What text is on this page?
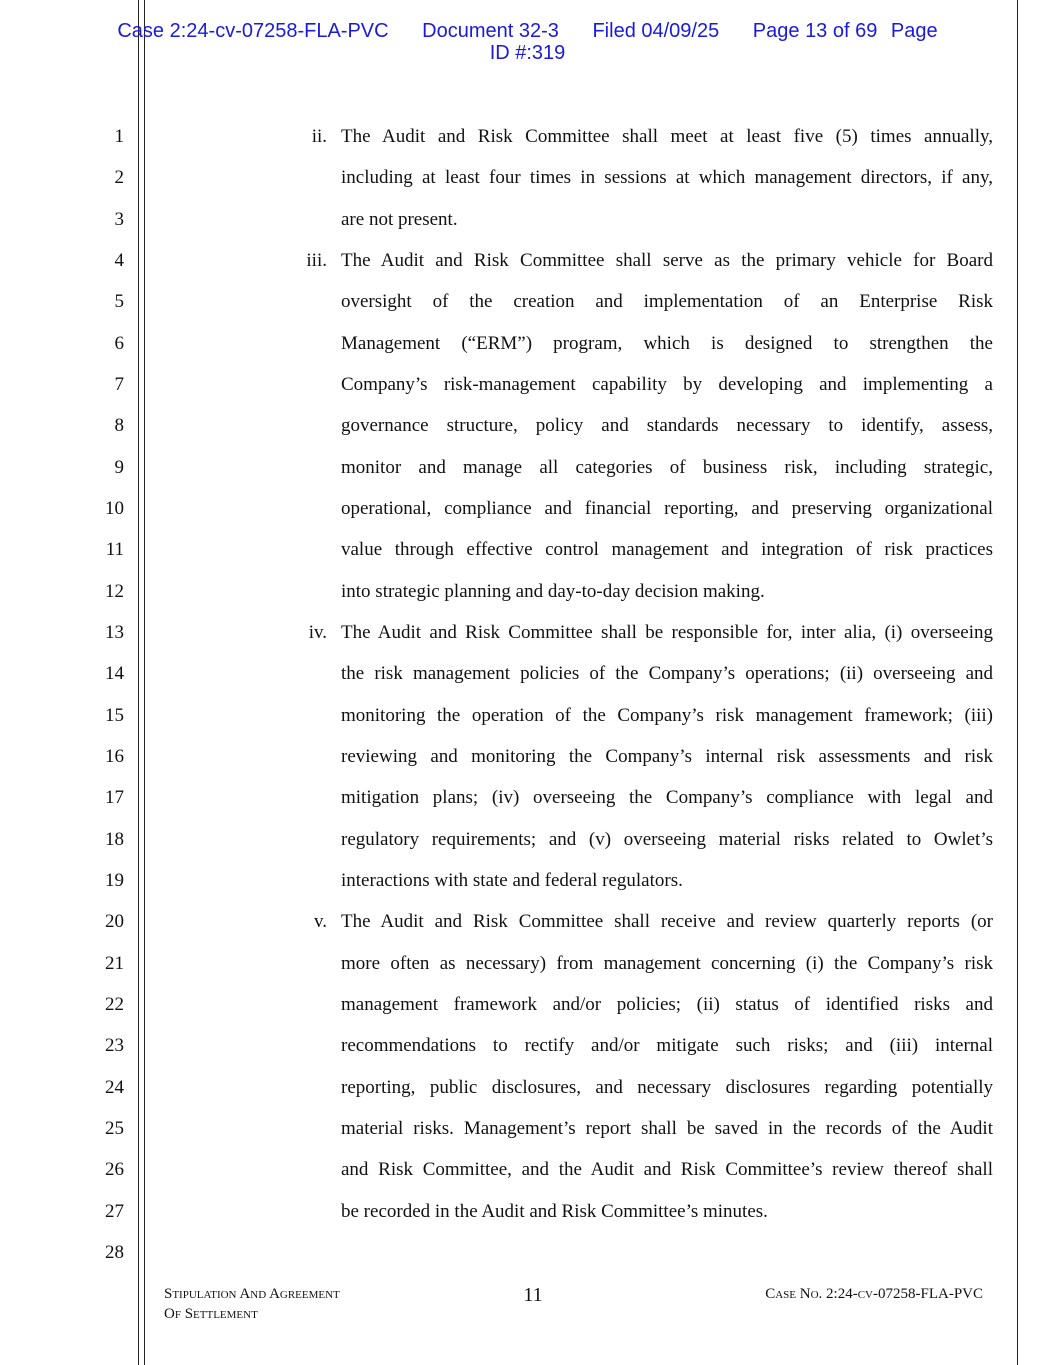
Case 2:24-cv-07258-FLA-PVC Document 32-3 Filed 04/09/25 Page 13 of 69 Page
ID #:319
1
2
3
4
5
6
7
8
9
10
11
12
13
14
15
16
17
18
19
20
21
22
23
24
25
26
27
28
ii. The Audit and Risk Committee shall meet at least five (5) times annually,
including at least four times in sessions at which management directors, if any,
are not present.
iii. The Audit and Risk Committee shall serve as the primary vehicle for Board
oversight of the creation and implementation of an Enterprise Risk
Management (“ERM”) program, which is designed to strengthen the
Company’s risk-management capability by developing and implementing a
governance structure, policy and standards necessary to identify, assess,
monitor and manage all categories of business risk, including strategic,
operational, compliance and financial reporting, and preserving organizational
value through effective control management and integration of risk practices
into strategic planning and day-to-day decision making.
iv. The Audit and Risk Committee shall be responsible for, inter alia, (i) overseeing
the risk management policies of the Company’s operations; (ii) overseeing and
monitoring the operation of the Company’s risk management framework; (iii)
reviewing and monitoring the Company’s internal risk assessments and risk
mitigation plans; (iv) overseeing the Company’s compliance with legal and
regulatory requirements; and (v) overseeing material risks related to Owlet’s
interactions with state and federal regulators.
v. The Audit and Risk Committee shall receive and review quarterly reports (or
more often as necessary) from management concerning (i) the Company’s risk
management framework and/or policies; (ii) status of identified risks and
recommendations to rectify and/or mitigate such risks; and (iii) internal
reporting, public disclosures, and necessary disclosures regarding potentially
material risks. Management’s report shall be saved in the records of the Audit
and Risk Committee, and the Audit and Risk Committee’s review thereof shall
be recorded in the Audit and Risk Committee’s minutes.
Stipulation And Agreement
Of Settlement
11	Case No. 2:24-cv-07258-FLA-PVC
